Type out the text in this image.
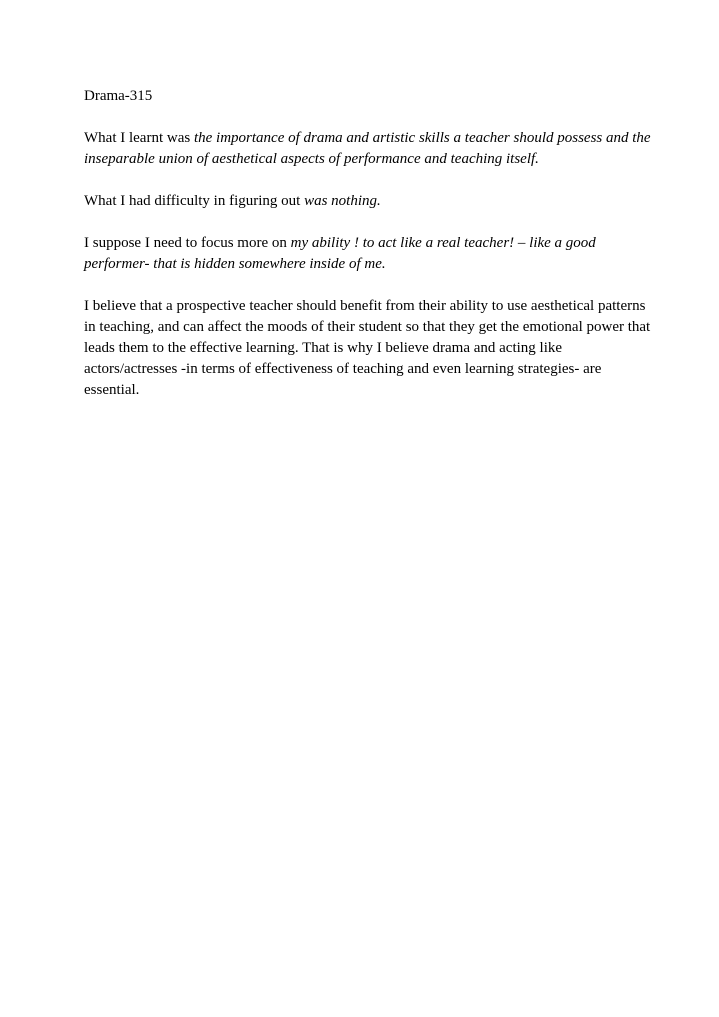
Drama-315

What I learnt was the importance of drama and artistic skills a teacher should possess and the inseparable union of aesthetical aspects of performance and teaching itself.

What I had difficulty in figuring out was nothing.

I suppose I need to focus more on my ability ! to act like a real teacher! – like a good performer- that is hidden somewhere inside of me.

I believe that a prospective teacher should benefit from their ability to use aesthetical patterns in teaching, and can affect the moods of their student so that they get the emotional power that leads them to the effective learning. That is why I believe drama and acting like actors/actresses -in terms of effectiveness of teaching and even learning strategies- are essential.
